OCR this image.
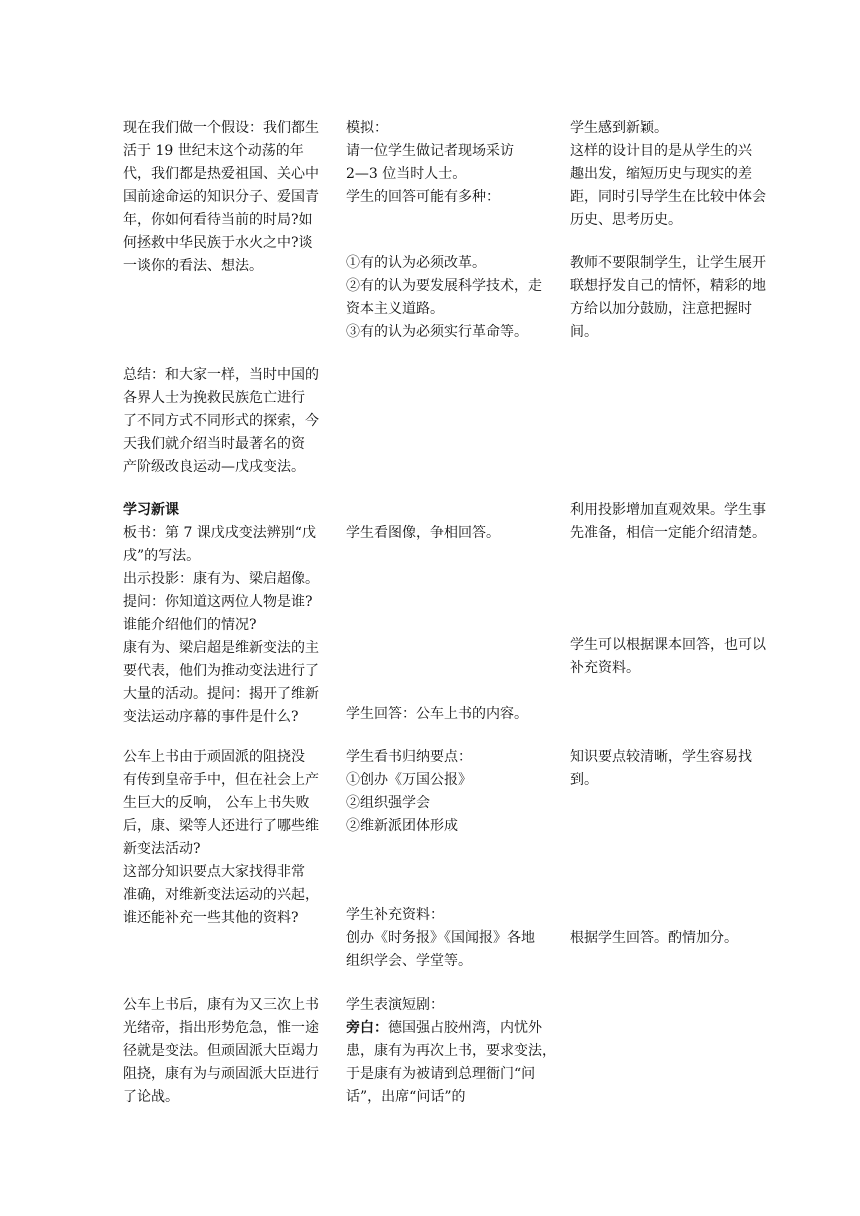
现在我们做一个假设：我们都生
活于 19 世纪末这个动荡的年
代，我们都是热爱祖国、关心中
国前途命运的知识分子、爱国青
年，你如何看待当前的时局?如
何拯救中华民族于水火之中?谈
一谈你的看法、想法。
总结：和大家一样，当时中国的
各界人士为挽救民族危亡进行
了不同方式不同形式的探索，今
天我们就介绍当时最著名的资
产阶级改良运动—戊戌变法。
学习新课
板书：第 7 课戊戌变法辨别“戊
戌”的写法。
出示投影：康有为、梁启超像。
提问：你知道这两位人物是谁?
谁能介绍他们的情况?
康有为、梁启超是维新变法的主
要代表，他们为推动变法进行了
大量的活动。提问：揭开了维新
变法运动序幕的事件是什么?
公车上书由于顽固派的阻挠没
有传到皇帝手中，但在社会上产
生巨大的反响， 公车上书失败
后，康、梁等人还进行了哪些维
新变法活动?
这部分知识要点大家找得非常
准确，对维新变法运动的兴起，
谁还能补充一些其他的资料?
公车上书后，康有为又三次上书
光绪帝，指出形势危急，惟一途
径就是变法。但顽固派大臣竭力
阻挠，康有为与顽固派大臣进行
了论战。
模拟：
请一位学生做记者现场采访
2—3 位当时人士。
学生的回答可能有多种：
①有的认为必须改革。
②有的认为要发展科学技术，走
资本主义道路。
③有的认为必须实行革命等。
学生看图像，争相回答。
学生回答：公车上书的内容。
学生看书归纳要点：
①创办《万国公报》
②组织强学会
②维新派团体形成
学生补充资料：
创办《时务报》《国闻报》各地
组织学会、学堂等。
学生表演短剧：
旁白：德国强占胶州湾，内忧外
患，康有为再次上书，要求变法，
于是康有为被请到总理衙门“问
话”，出席“问话”的
学生感到新颖。
这样的设计目的是从学生的兴
趣出发，缩短历史与现实的差
距，同时引导学生在比较中体会
历史、思考历史。
教师不要限制学生，让学生展开
联想抒发自己的情怀，精彩的地
方给以加分鼓励，注意把握时
间。
利用投影增加直观效果。学生事
先准备，相信一定能介绍清楚。
学生可以根据课本回答，也可以
补充资料。
知识要点较清晰，学生容易找
到。
根据学生回答。酌情加分。
